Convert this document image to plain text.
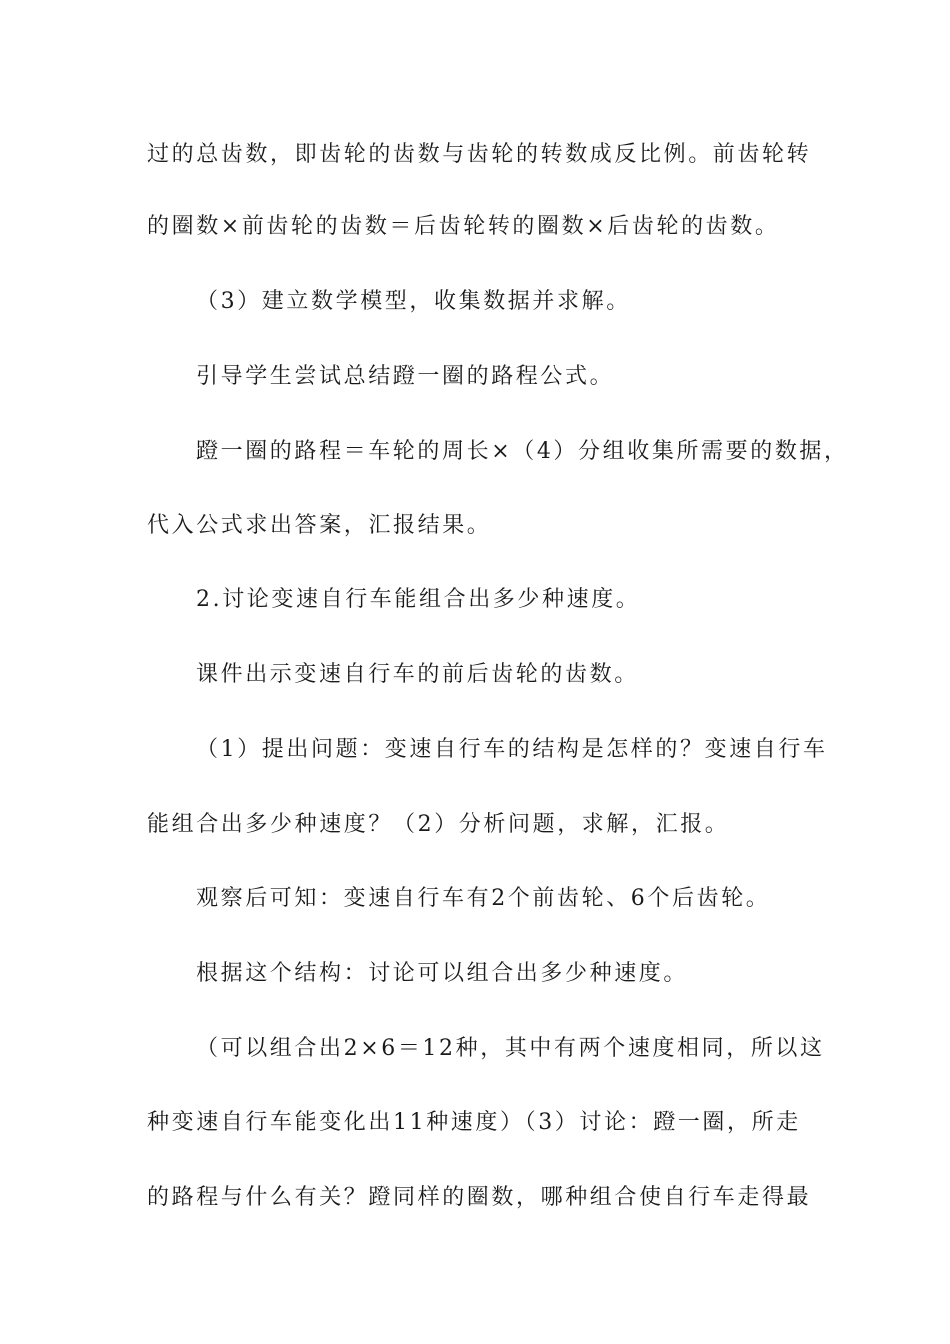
过的总齿数，即齿轮的齿数与齿轮的转数成反比例。前齿轮转
的圈数×前齿轮的齿数＝后齿轮转的圈数×后齿轮的齿数。
（3）建立数学模型，收集数据并求解。
引导学生尝试总结蹬一圈的路程公式。
蹬一圈的路程＝车轮的周长×（4）分组收集所需要的数据，
代入公式求出答案，汇报结果。
2.讨论变速自行车能组合出多少种速度。
课件出示变速自行车的前后齿轮的齿数。
（1）提出问题：变速自行车的结构是怎样的？变速自行车
能组合出多少种速度？（2）分析问题，求解，汇报。
观察后可知：变速自行车有2个前齿轮、6个后齿轮。
根据这个结构：讨论可以组合出多少种速度。
（可以组合出2×6＝12种，其中有两个速度相同，所以这
种变速自行车能变化出11种速度）（3）讨论：蹬一圈，所走
的路程与什么有关？蹬同样的圈数，哪种组合使自行车走得最
